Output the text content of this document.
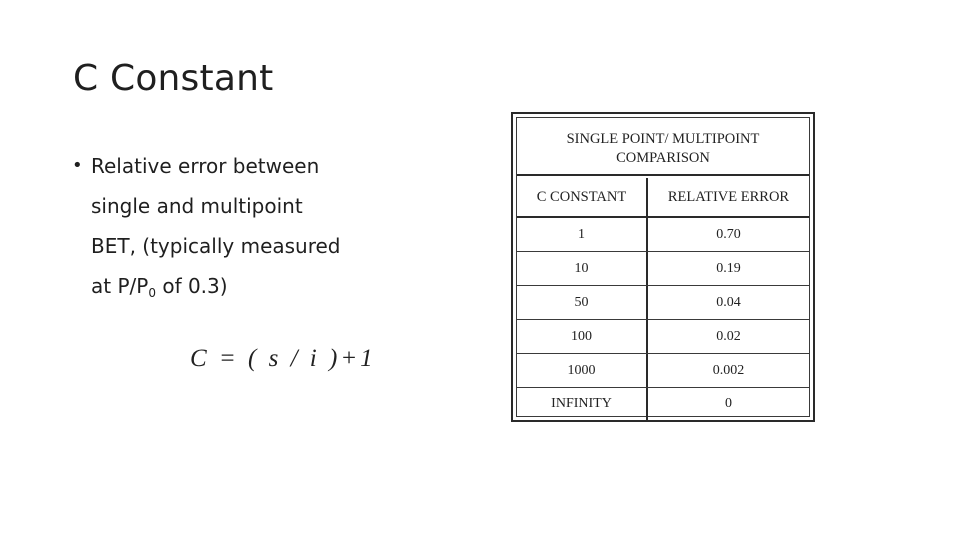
C Constant
• Relative error between
single and multipoint
BET, (typically measured
at $P/P_0$ of 0.3)
C = ( s / i )+1
SINGLE POINT/ MULTIPOINT
COMPARISON
C CONSTANT	RELATIVE ERROR
1	0.70
10	0.19
50	0.04
100	0.02
1000	0.002
INFINITY	0
